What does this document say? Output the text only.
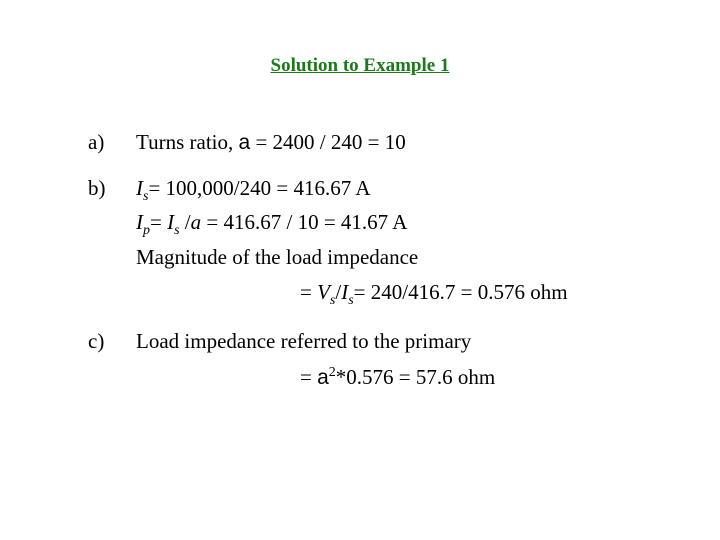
Solution to Example 1
a) Turns ratio, a = 2400 / 240 = 10
b) $I_s= 100,000/240 = 416.67$ A
$I_p= I_s$ /a = 416.67 / 10 = 41.67 A
Magnitude of the load impedance
= $V_s/I_s= 240/416.7 = 0.576$ ohm
c) Load impedance referred to the primary
= $a^2*0.576 = 57.6$ ohm
